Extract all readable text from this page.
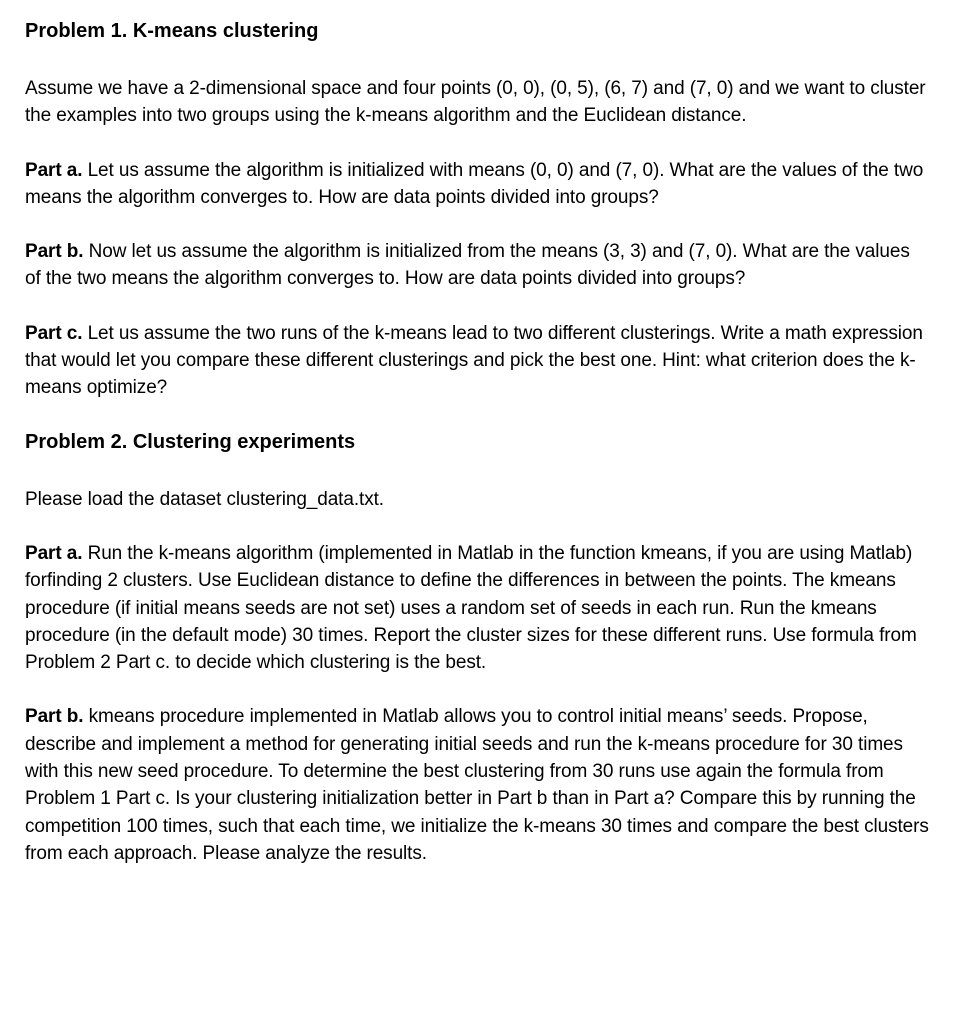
Problem 1. K-means clustering

Assume we have a 2-dimensional space and four points (0, 0), (0, 5), (6, 7) and (7, 0) and we want to cluster the examples into two groups using the k-means algorithm and the Euclidean distance.

Part a. Let us assume the algorithm is initialized with means (0, 0) and (7, 0). What are the values of the two means the algorithm converges to. How are data points divided into groups?

Part b. Now let us assume the algorithm is initialized from the means (3, 3) and (7, 0). What are the values of the two means the algorithm converges to. How are data points divided into groups?

Part c. Let us assume the two runs of the k-means lead to two different clusterings. Write a math expression that would let you compare these different clusterings and pick the best one. Hint: what criterion does the k-means optimize?

Problem 2. Clustering experiments

Please load the dataset clustering_data.txt.

Part a. Run the k-means algorithm (implemented in Matlab in the function kmeans, if you are using Matlab) forfinding 2 clusters. Use Euclidean distance to define the differences in between the points. The kmeans procedure (if initial means seeds are not set) uses a random set of seeds in each run. Run the kmeans procedure (in the default mode) 30 times. Report the cluster sizes for these different runs. Use formula from Problem 2 Part c. to decide which clustering is the best.

Part b. kmeans procedure implemented in Matlab allows you to control initial means’ seeds. Propose, describe and implement a method for generating initial seeds and run the k-means procedure for 30 times with this new seed procedure. To determine the best clustering from 30 runs use again the formula from Problem 1 Part c. Is your clustering initialization better in Part b than in Part a? Compare this by running the competition 100 times, such that each time, we initialize the k-means 30 times and compare the best clusters from each approach. Please analyze the results.
